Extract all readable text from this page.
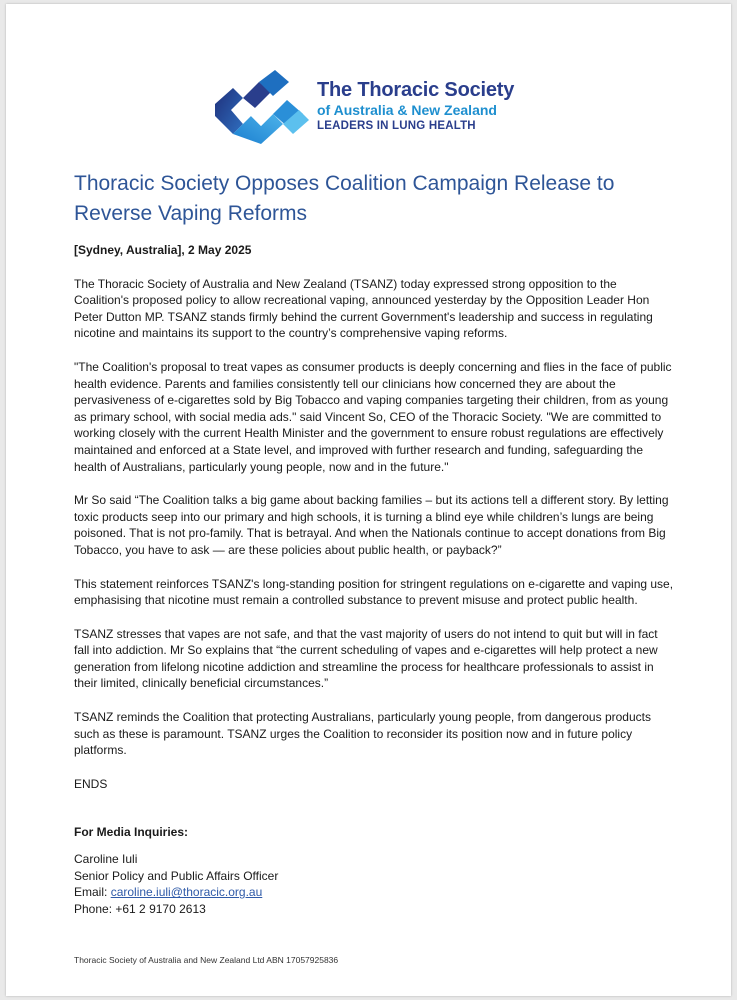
The Thoracic Society
of Australia & New Zealand
LEADERS IN LUNG HEALTH
Thoracic Society Opposes Coalition Campaign Release to Reverse Vaping Reforms

[Sydney, Australia], 2 May 2025

The Thoracic Society of Australia and New Zealand (TSANZ) today expressed strong opposition to the Coalition's proposed policy to allow recreational vaping, announced yesterday by the Opposition Leader Hon Peter Dutton MP. TSANZ stands firmly behind the current Government's leadership and success in regulating nicotine and maintains its support to the country’s comprehensive vaping reforms.

"The Coalition's proposal to treat vapes as consumer products is deeply concerning and flies in the face of public health evidence. Parents and families consistently tell our clinicians how concerned they are about the pervasiveness of e-cigarettes sold by Big Tobacco and vaping companies targeting their children, from as young as primary school, with social media ads." said Vincent So, CEO of the Thoracic Society. "We are committed to working closely with the current Health Minister and the government to ensure robust regulations are effectively maintained and enforced at a State level, and improved with further research and funding, safeguarding the health of Australians, particularly young people, now and in the future."

Mr So said “The Coalition talks a big game about backing families – but its actions tell a different story. By letting toxic products seep into our primary and high schools, it is turning a blind eye while children’s lungs are being poisoned. That is not pro-family. That is betrayal. And when the Nationals continue to accept donations from Big Tobacco, you have to ask — are these policies about public health, or payback?”

This statement reinforces TSANZ's long-standing position for stringent regulations on e-cigarette and vaping use, emphasising that nicotine must remain a controlled substance to prevent misuse and protect public health.

TSANZ stresses that vapes are not safe, and that the vast majority of users do not intend to quit but will in fact fall into addiction. Mr So explains that “the current scheduling of vapes and e-cigarettes will help protect a new generation from lifelong nicotine addiction and streamline the process for healthcare professionals to assist in their limited, clinically beneficial circumstances.”

TSANZ reminds the Coalition that protecting Australians, particularly young people, from dangerous products such as these is paramount. TSANZ urges the Coalition to reconsider its position now and in future policy platforms.

ENDS

For Media Inquiries:

Caroline Iuli

Senior Policy and Public Affairs Officer

Email: caroline.iuli@thoracic.org.au

Phone: +61 2 9170 2613

Thoracic Society of Australia and New Zealand Ltd ABN 17057925836
